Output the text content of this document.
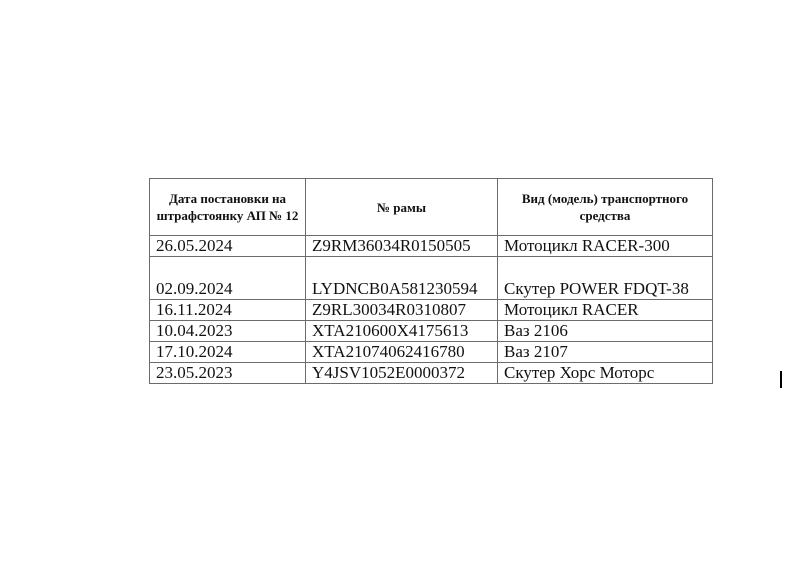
Дата постановки на штрафстоянку АП № 12	№ рамы	Вид (модель) транспортного средства
26.05.2024	Z9RM36034R0150505	Мотоцикл RACER-300
02.09.2024	LYDNCB0A581230594	Скутер POWER FDQT-38
16.11.2024	Z9RL30034R0310807	Мотоцикл RACER
10.04.2023	XTA210600X4175613	Ваз 2106
17.10.2024	XTA21074062416780	Ваз 2107
23.05.2023	Y4JSV1052E0000372	Скутер Хорс Моторс
